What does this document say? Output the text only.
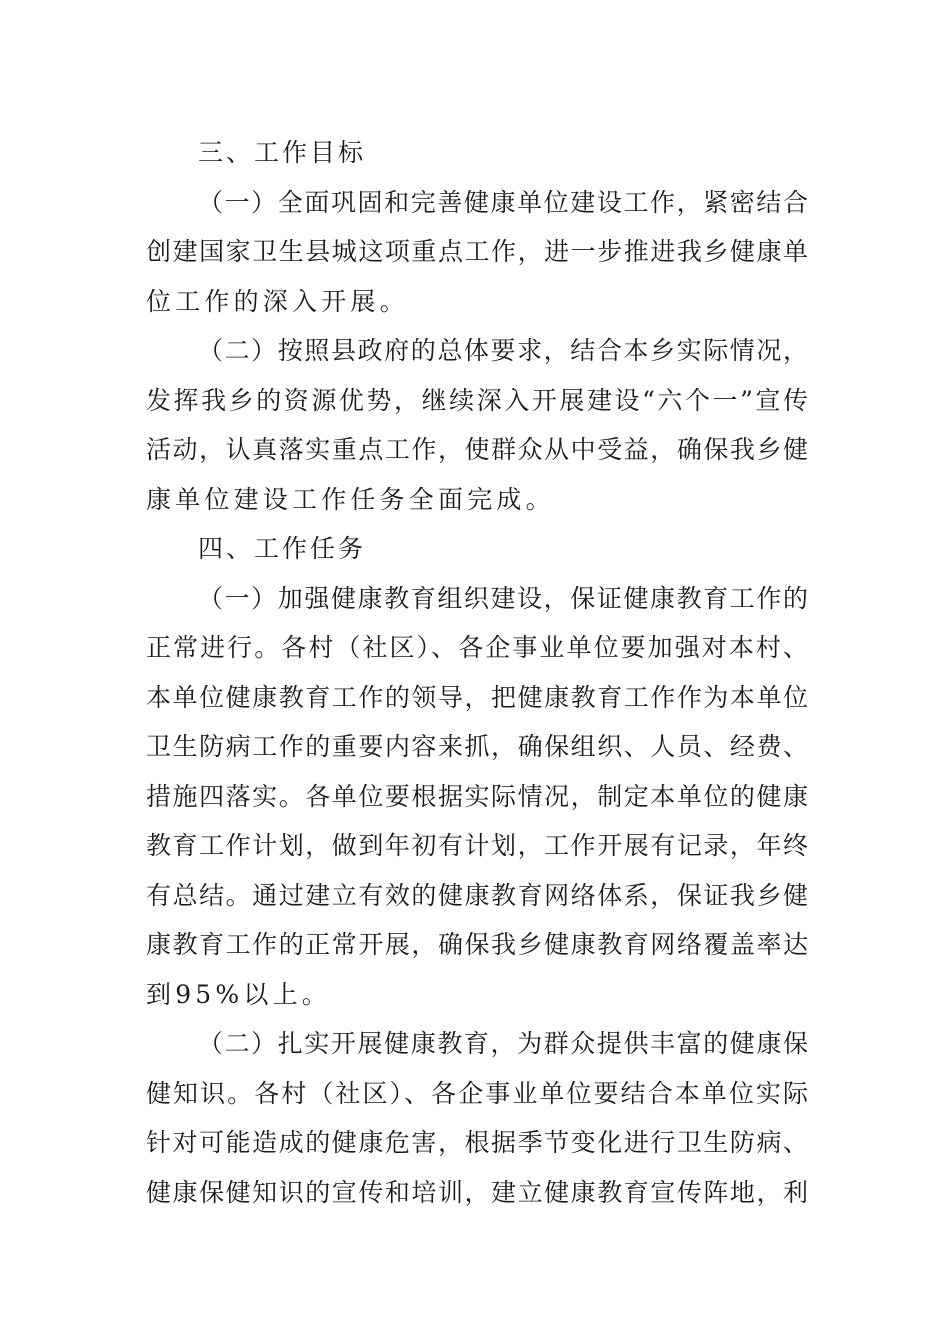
三、工作目标
（一）全面巩固和完善健康单位建设工作，紧密结合
创建国家卫生县城这项重点工作，进一步推进我乡健康单
位工作的深入开展。
（二）按照县政府的总体要求，结合本乡实际情况，
发挥我乡的资源优势，继续深入开展建设“六个一”宣传
活动，认真落实重点工作，使群众从中受益，确保我乡健
康单位建设工作任务全面完成。
四、工作任务
（一）加强健康教育组织建设，保证健康教育工作的
正常进行。各村（社区）、各企事业单位要加强对本村、
本单位健康教育工作的领导，把健康教育工作作为本单位
卫生防病工作的重要内容来抓，确保组织、人员、经费、
措施四落实。各单位要根据实际情况，制定本单位的健康
教育工作计划，做到年初有计划，工作开展有记录，年终
有总结。通过建立有效的健康教育网络体系，保证我乡健
康教育工作的正常开展，确保我乡健康教育网络覆盖率达
到95%以上。
（二）扎实开展健康教育，为群众提供丰富的健康保
健知识。各村（社区）、各企事业单位要结合本单位实际
针对可能造成的健康危害，根据季节变化进行卫生防病、
健康保健知识的宣传和培训，建立健康教育宣传阵地，利
